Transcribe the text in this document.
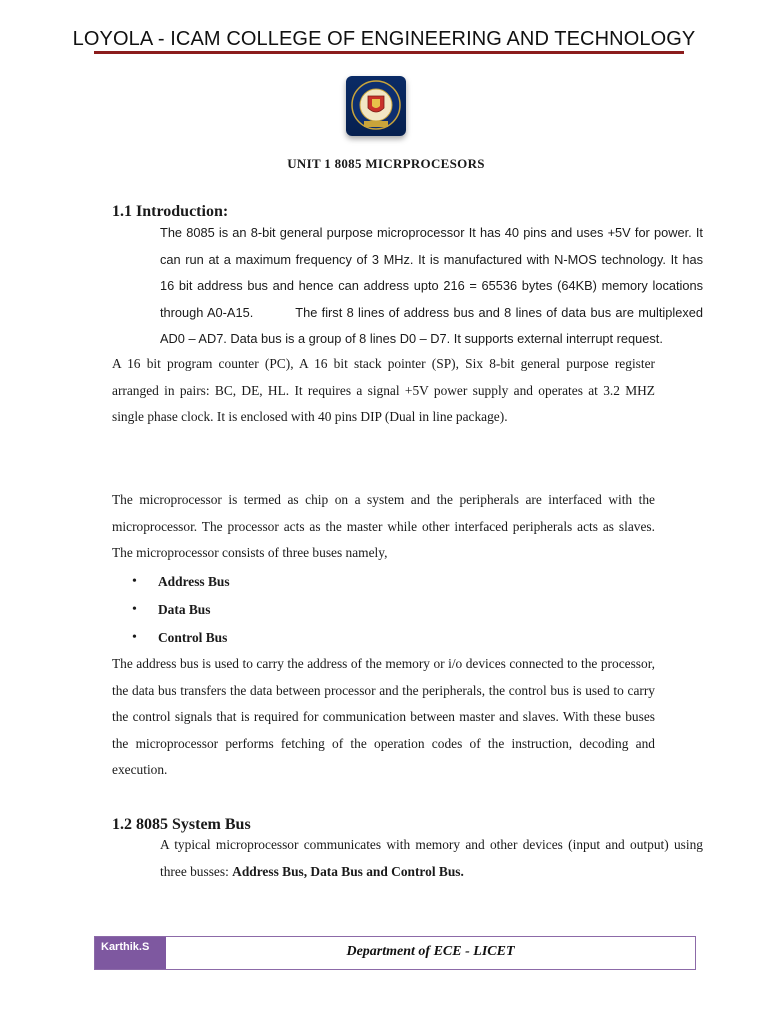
LOYOLA - ICAM COLLEGE OF ENGINEERING AND TECHNOLOGY
UNIT 1 8085 MICRPROCESORS
1.1 Introduction:

The 8085 is an 8-bit general purpose microprocessor It has 40 pins and uses +5V for power. It can run at a maximum frequency of 3 MHz. It is manufactured with N-MOS technology. It has 16 bit address bus and hence can address upto 216 = 65536 bytes (64KB) memory locations through A0-A15.	The first 8 lines of address bus and 8 lines of data bus are multiplexed AD0 – AD7. Data bus is a group of 8 lines D0 – D7. It supports external interrupt request.

A 16 bit program counter (PC), A 16 bit stack pointer (SP), Six 8-bit general purpose register arranged in pairs: BC, DE, HL. It requires a signal +5V power supply and operates at 3.2 MHZ single phase clock. It is enclosed with 40 pins DIP (Dual in line package).

The microprocessor is termed as chip on a system and the peripherals are interfaced with the microprocessor. The processor acts as the master while other interfaced peripherals acts as slaves. The microprocessor consists of three buses namely,

• Address Bus
• Data Bus
• Control Bus

The address bus is used to carry the address of the memory or i/o devices connected to the processor, the data bus transfers the data between processor and the peripherals, the control bus is used to carry the control signals that is required for communication between master and slaves. With these buses the microprocessor performs fetching of the operation codes of the instruction, decoding and execution.

1.2 8085 System Bus

A typical microprocessor communicates with memory and other devices (input and output) using three busses: Address Bus, Data Bus and Control Bus.

Karthik.S	Department of ECE - LICET
